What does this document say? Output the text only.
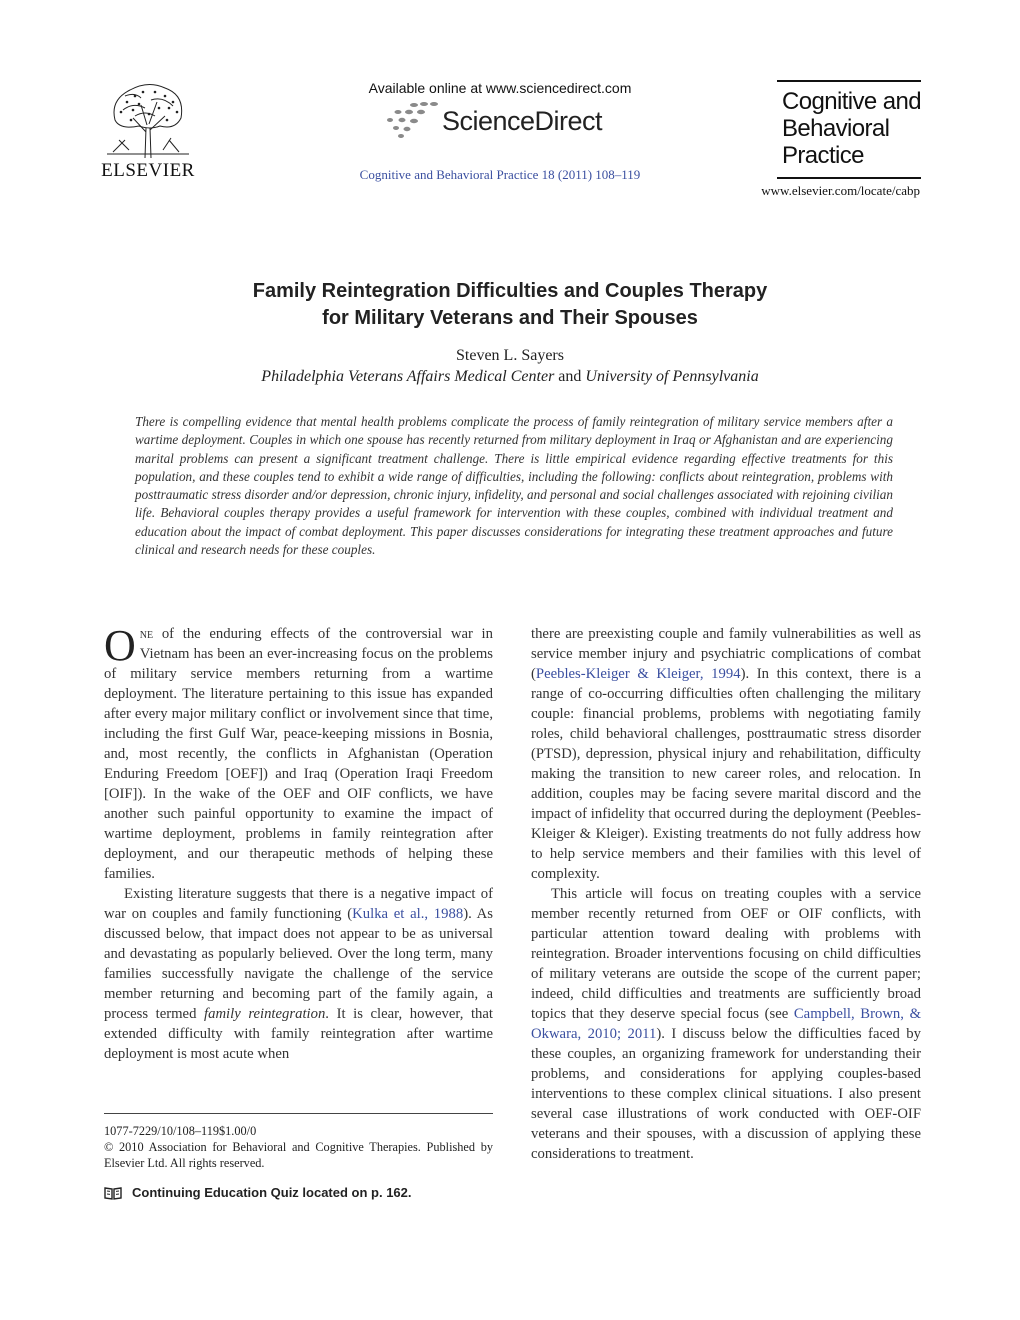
ELSEVIER
Available online at www.sciencedirect.com
ScienceDirect
Cognitive and Behavioral Practice 18 (2011) 108–119
Cognitive and
Behavioral
Practice
www.elsevier.com/locate/cabp
Family Reintegration Difficulties and Couples Therapy
for Military Veterans and Their Spouses
Steven L. Sayers
Philadelphia Veterans Affairs Medical Center and University of Pennsylvania
There is compelling evidence that mental health problems complicate the process of family reintegration of military service members after a wartime deployment. Couples in which one spouse has recently returned from military deployment in Iraq or Afghanistan and are experiencing marital problems can present a significant treatment challenge. There is little empirical evidence regarding effective treatments for this population, and these couples tend to exhibit a wide range of difficulties, including the following: conflicts about reintegration, problems with posttraumatic stress disorder and/or depression, chronic injury, infidelity, and personal and social challenges associated with rejoining civilian life. Behavioral couples therapy provides a useful framework for intervention with these couples, combined with individual treatment and education about the impact of combat deployment. This paper discusses considerations for integrating these treatment approaches and future clinical and research needs for these couples.

One of the enduring effects of the controversial war in Vietnam has been an ever-increasing focus on the problems of military service members returning from a wartime deployment. The literature pertaining to this issue has expanded after every major military conflict or involvement since that time, including the first Gulf War, peace-keeping missions in Bosnia, and, most recently, the conflicts in Afghanistan (Operation Enduring Freedom [OEF]) and Iraq (Operation Iraqi Freedom [OIF]). In the wake of the OEF and OIF conflicts, we have another such painful opportunity to examine the impact of wartime deployment, problems in family reintegration after deployment, and our therapeutic methods of helping these families.

Existing literature suggests that there is a negative impact of war on couples and family functioning (Kulka et al., 1988). As discussed below, that impact does not appear to be as universal and devastating as popularly believed. Over the long term, many families successfully navigate the challenge of the service member returning and becoming part of the family again, a process termed family reintegration. It is clear, however, that extended difficulty with family reintegration after wartime deployment is most acute when

there are preexisting couple and family vulnerabilities as well as service member injury and psychiatric complications of combat (Peebles-Kleiger & Kleiger, 1994). In this context, there is a range of co-occurring difficulties often challenging the military couple: financial problems, problems with negotiating family roles, child behavioral challenges, posttraumatic stress disorder (PTSD), depression, physical injury and rehabilitation, difficulty making the transition to new career roles, and relocation. In addition, couples may be facing severe marital discord and the impact of infidelity that occurred during the deployment (Peebles-Kleiger & Kleiger). Existing treatments do not fully address how to help service members and their families with this level of complexity.

This article will focus on treating couples with a service member recently returned from OEF or OIF conflicts, with particular attention toward dealing with problems with reintegration. Broader interventions focusing on child difficulties of military veterans are outside the scope of the current paper; indeed, child difficulties and treatments are sufficiently broad topics that they deserve special focus (see Campbell, Brown, & Okwara, 2010; 2011). I discuss below the difficulties faced by these couples, an organizing framework for understanding their problems, and considerations for applying couples-based interventions to these complex clinical situations. I also present several case illustrations of work conducted with OEF-OIF veterans and their spouses, with a discussion of applying these considerations to treatment.

1077-7229/10/108–119$1.00/0
© 2010 Association for Behavioral and Cognitive Therapies. Published by Elsevier Ltd. All rights reserved.
Continuing Education Quiz located on p. 162.
